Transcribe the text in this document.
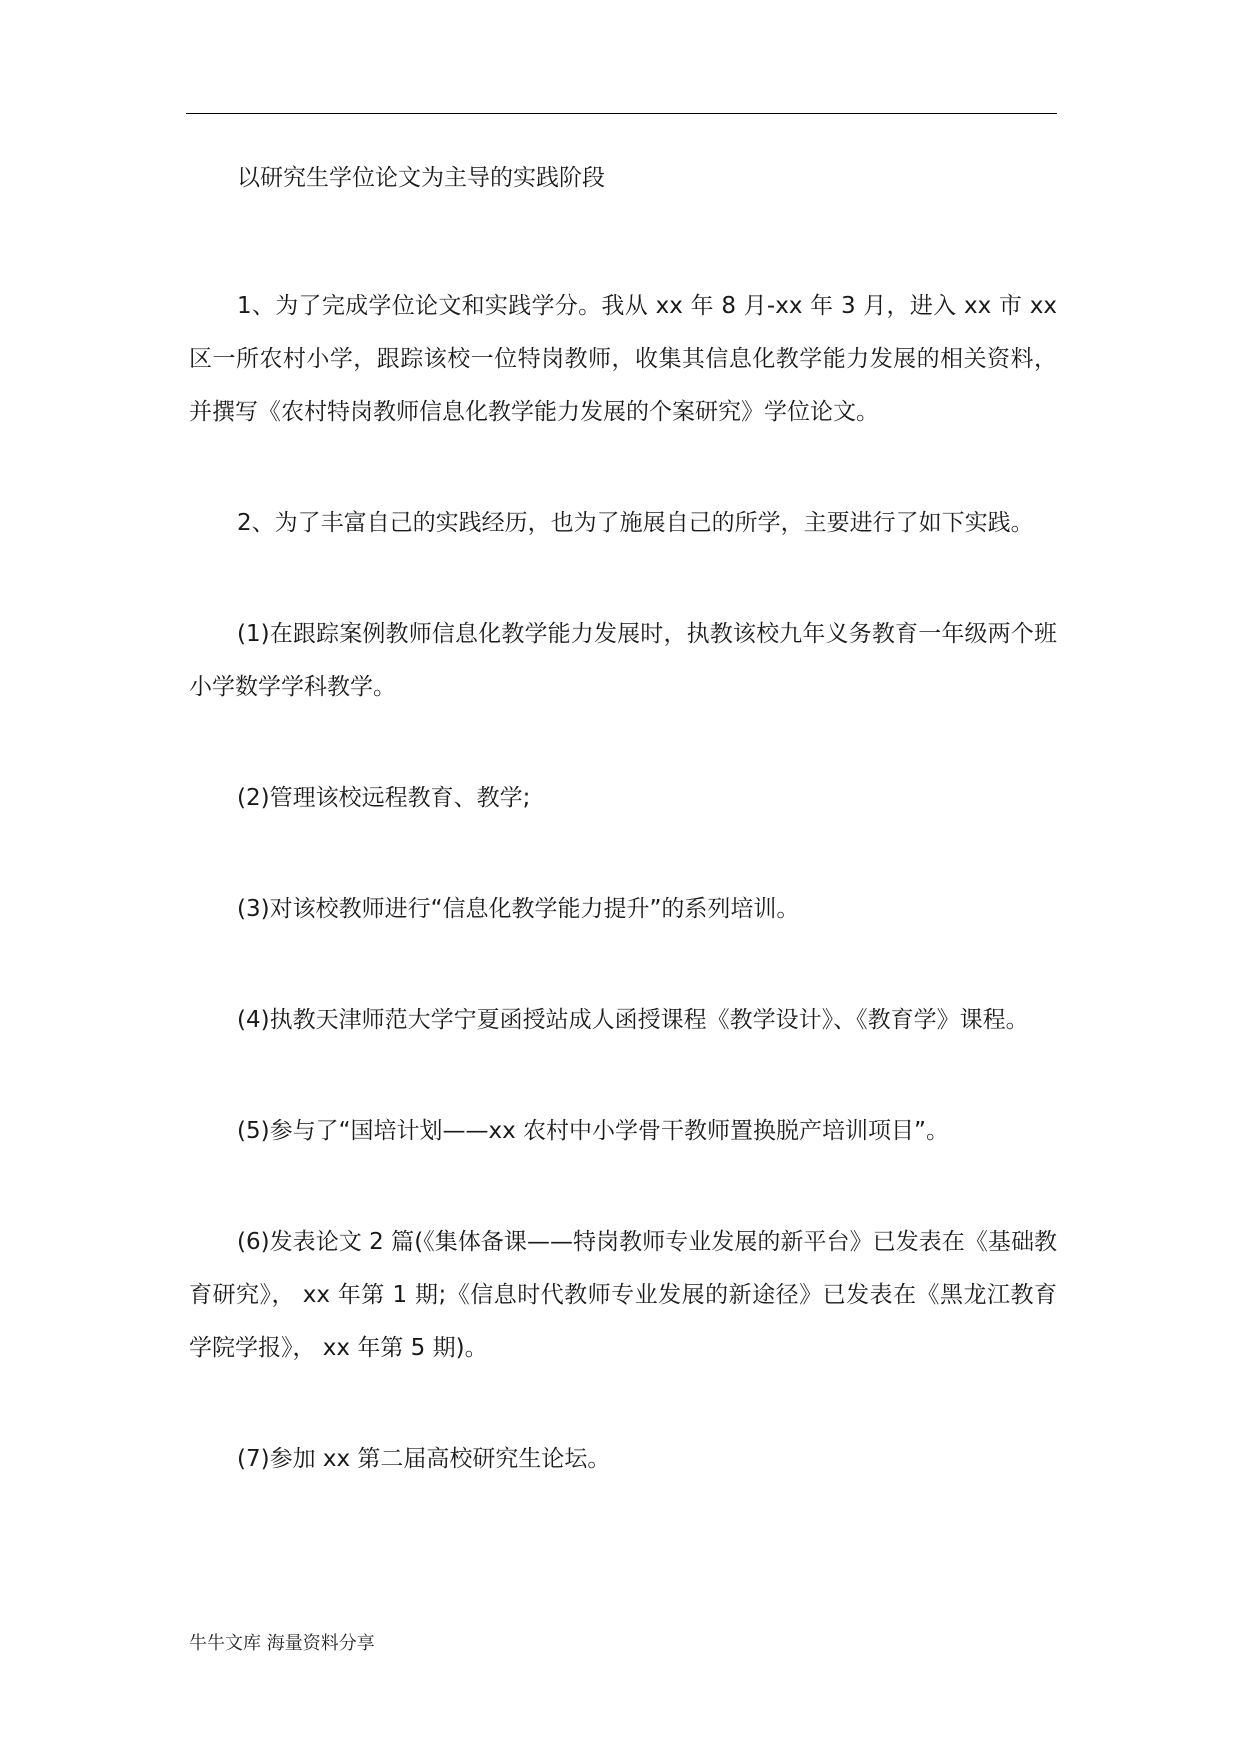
以研究生学位论文为主导的实践阶段

1、为了完成学位论文和实践学分。我从 xx 年 8 月-xx 年 3 月，进入 xx 市 xx 区一所农村小学，跟踪该校一位特岗教师，收集其信息化教学能力发展的相关资料，并撰写《农村特岗教师信息化教学能力发展的个案研究》学位论文。

2、为了丰富自己的实践经历，也为了施展自己的所学，主要进行了如下实践。

(1)在跟踪案例教师信息化教学能力发展时，执教该校九年义务教育一年级两个班小学数学学科教学。

(2)管理该校远程教育、教学;

(3)对该校教师进行“信息化教学能力提升”的系列培训。

(4)执教天津师范大学宁夏函授站成人函授课程《教学设计》、《教育学》课程。

(5)参与了“国培计划——xx 农村中小学骨干教师置换脱产培训项目”。

(6)发表论文 2 篇(《集体备课——特岗教师专业发展的新平台》已发表在《基础教育研究》， xx 年第 1 期;《信息时代教师专业发展的新途径》已发表在《黑龙江教育学院学报》， xx 年第 5 期)。

(7)参加 xx 第二届高校研究生论坛。

牛牛文库 海量资料分享
